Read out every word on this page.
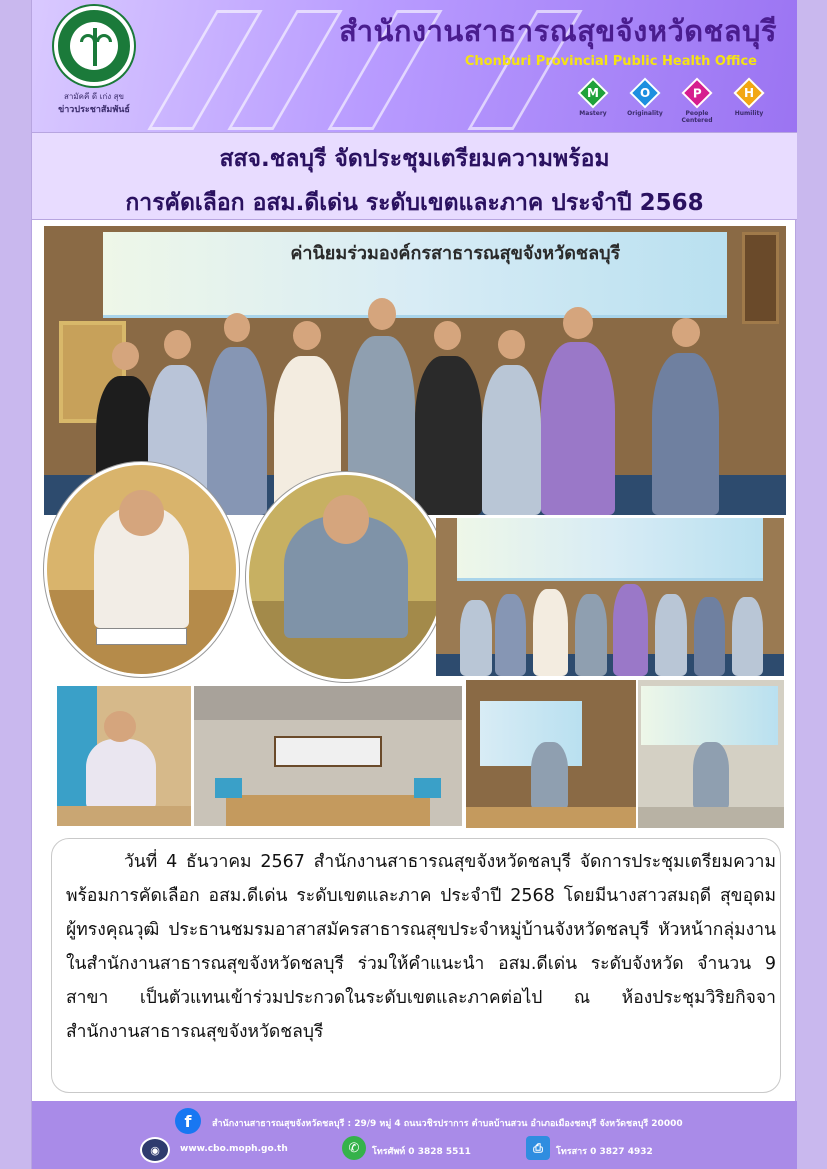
สามัคคี ดี เก่ง สุข
ข่าวประชาสัมพันธ์
สำนักงานสาธารณสุขจังหวัดชลบุรี
Chonburi Provincial Public Health Office
M
Mastery
O
Originality
P
People Centered
H
Humility
สสจ.ชลบุรี จัดประชุมเตรียมความพร้อม
การคัดเลือก อสม.ดีเด่น ระดับเขตและภาค ประจำปี 2568
ค่านิยมร่วมองค์กรสาธารณสุขจังหวัดชลบุรี

วันที่ 4 ธันวาคม 2567 สำนักงานสาธารณสุขจังหวัดชลบุรี จัดการประชุมเตรียมความพร้อมการคัดเลือก อสม.ดีเด่น ระดับเขตและภาค ประจำปี 2568 โดยมีนางสาวสมฤดี สุขอุดม ผู้ทรงคุณวุฒิ ประธานชมรมอาสาสมัครสาธารณสุขประจำหมู่บ้านจังหวัดชลบุรี หัวหน้ากลุ่มงานในสำนักงานสาธารณสุขจังหวัดชลบุรี ร่วมให้คำแนะนำ อสม.ดีเด่น ระดับจังหวัด จำนวน 9 สาขา เป็นตัวแทนเข้าร่วมประกวดในระดับเขตและภาคต่อไป ณ ห้องประชุมวิริยกิจจา สำนักงานสาธารณสุขจังหวัดชลบุรี

f	สำนักงานสาธารณสุขจังหวัดชลบุรี : 29/9 หมู่ 4 ถนนวชิรปราการ ตำบลบ้านสวน อำเภอเมืองชลบุรี จังหวัดชลบุรี 20000
◉	www.cbo.moph.go.th	✆	โทรศัพท์ 0 3828 5511	⎙	โทรสาร 0 3827 4932
